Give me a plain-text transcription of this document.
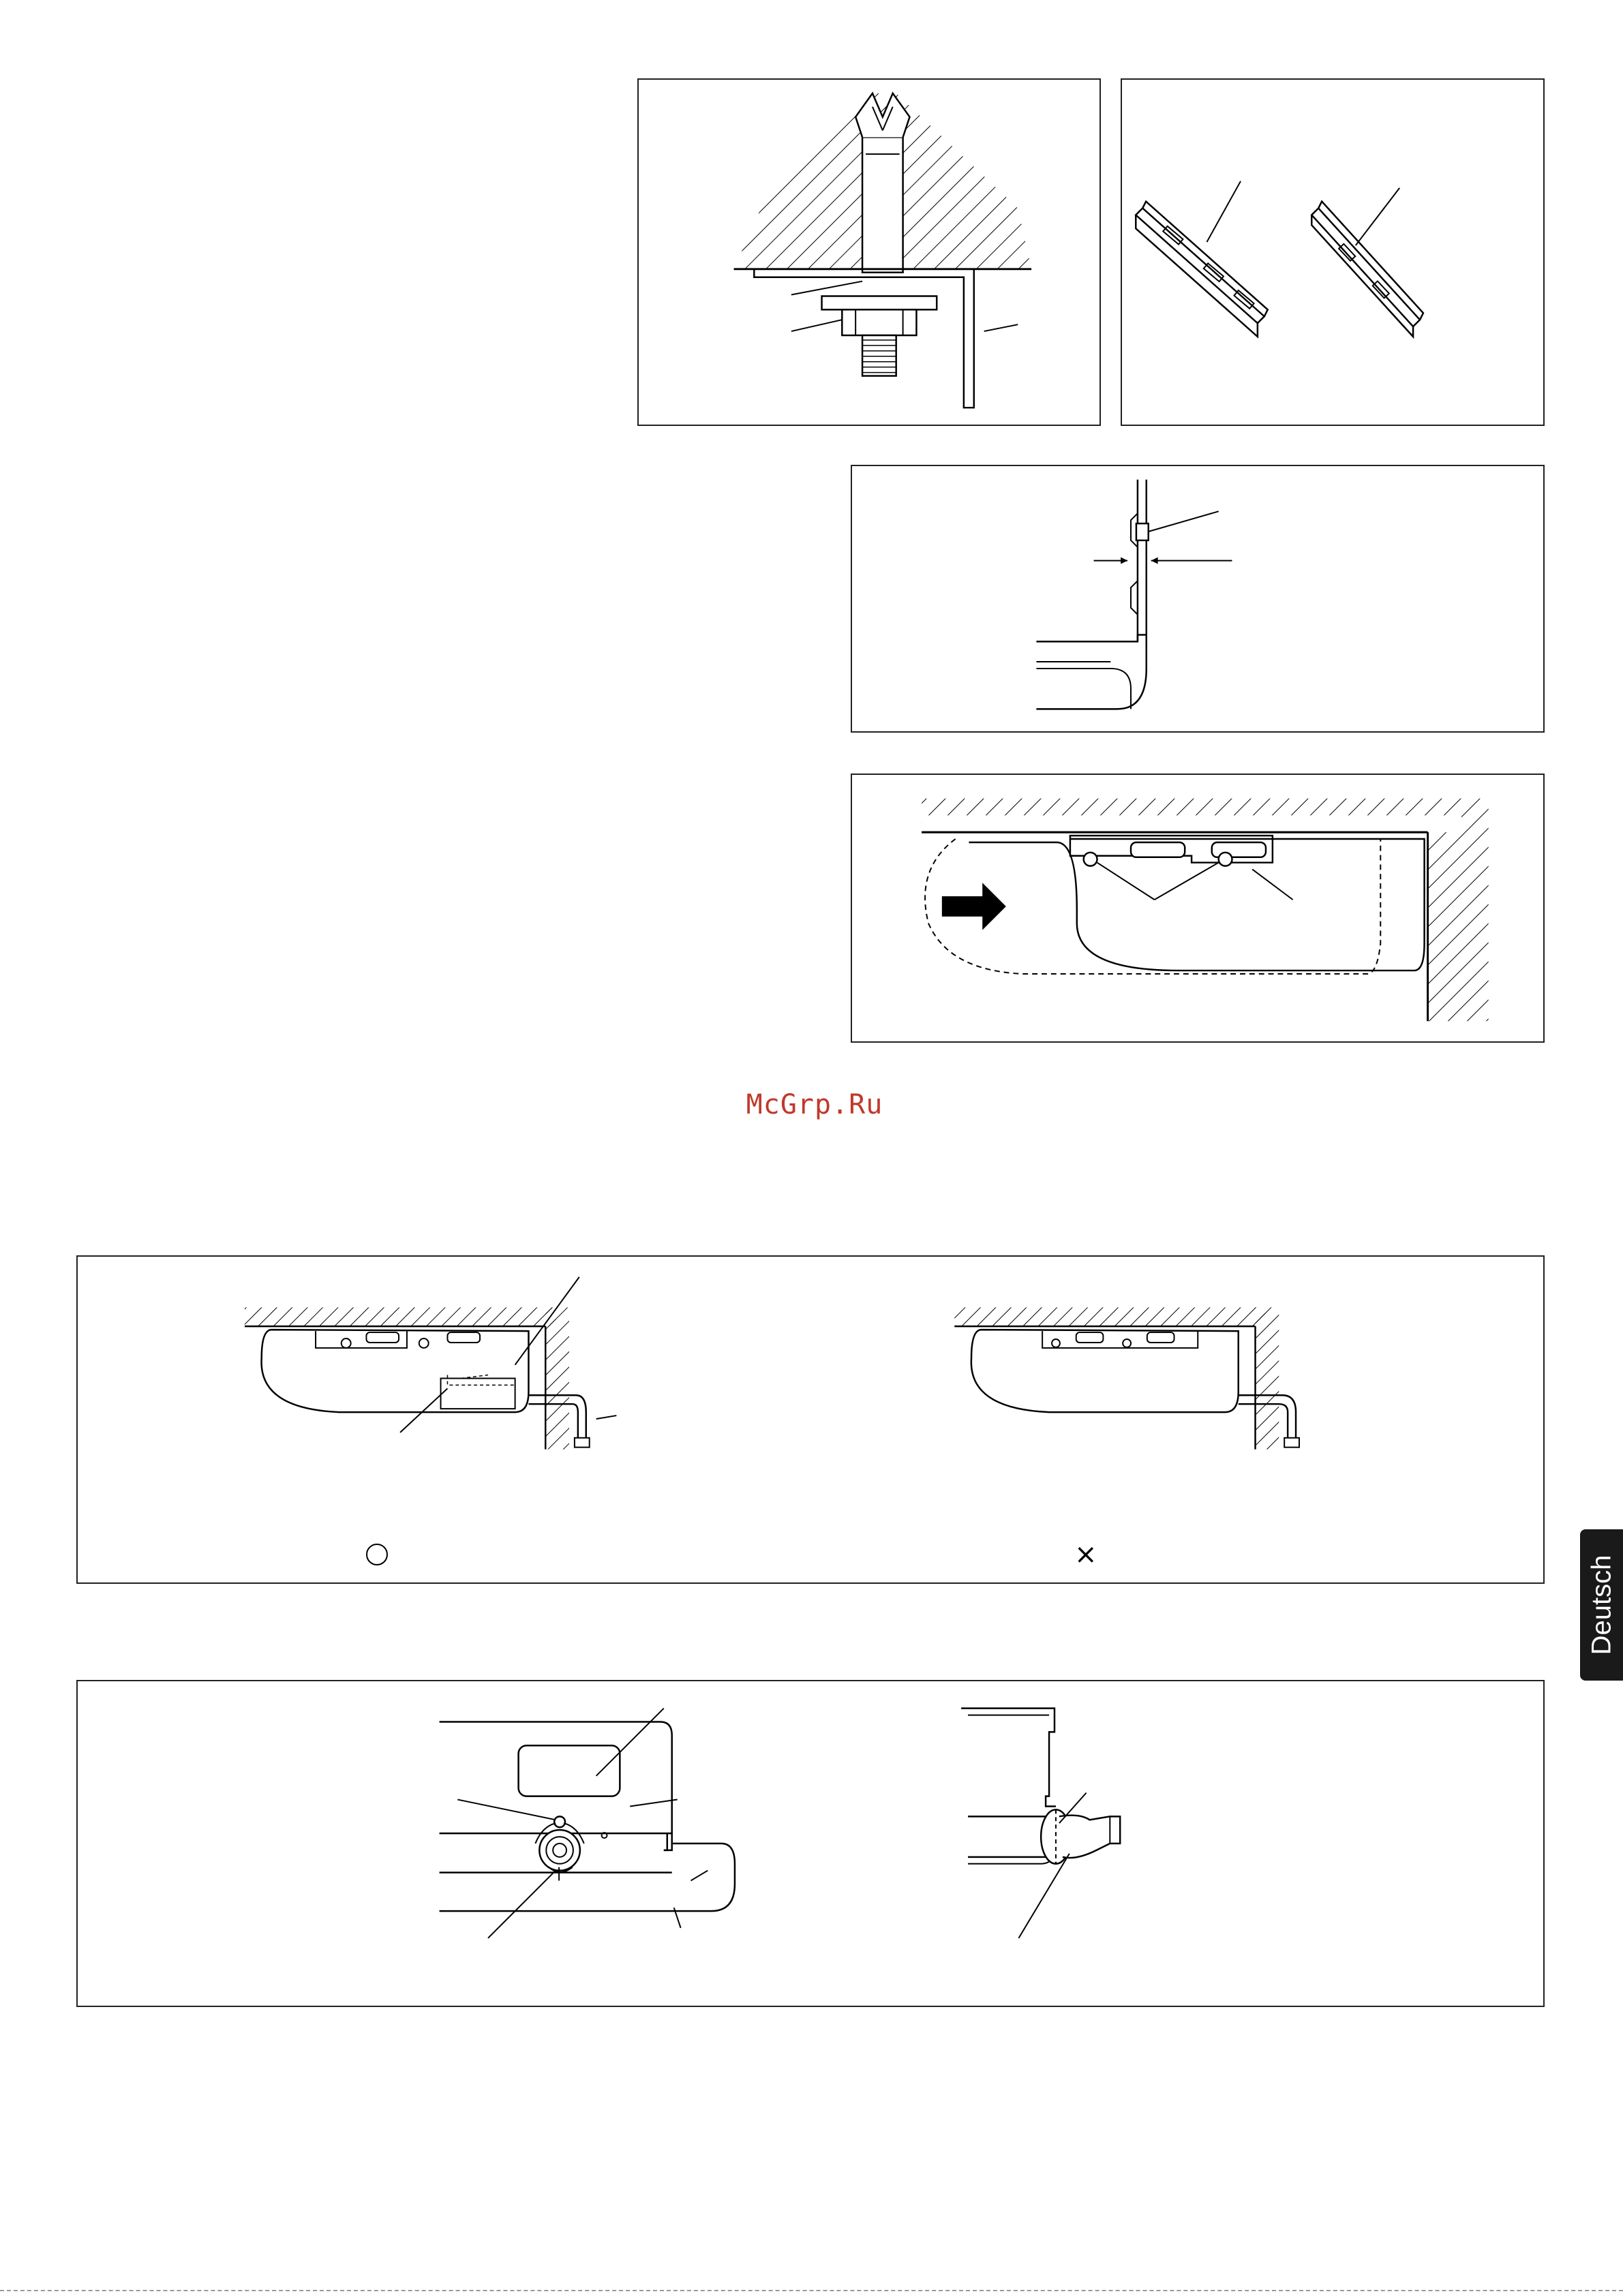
McGrp.Ru
×
Deutsch
